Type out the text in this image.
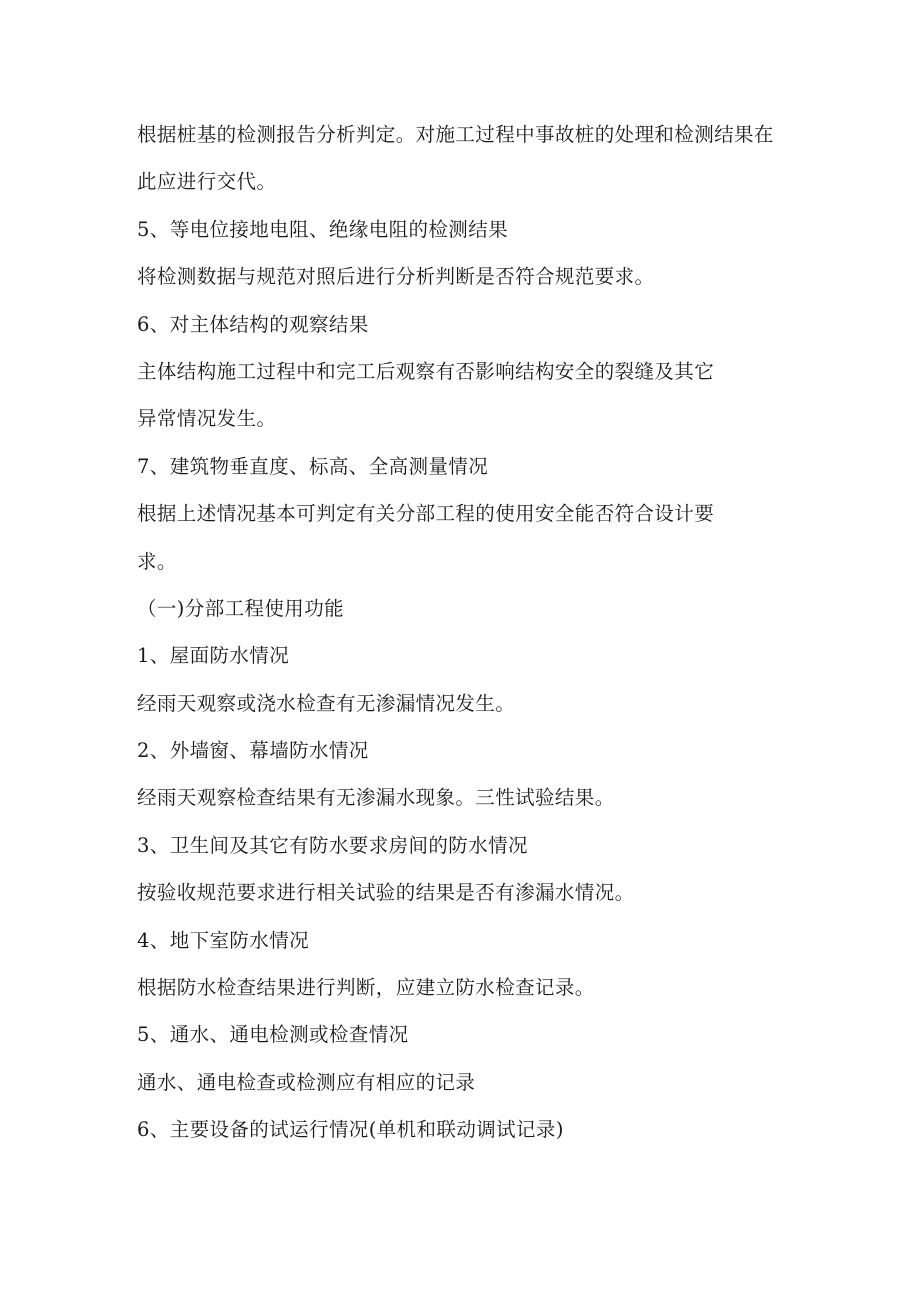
根据桩基的检测报告分析判定。对施工过程中事故桩的处理和检测结果在
此应进行交代。
5、等电位接地电阻、绝缘电阻的检测结果
将检测数据与规范对照后进行分析判断是否符合规范要求。
6、对主体结构的观察结果
主体结构施工过程中和完工后观察有否影响结构安全的裂缝及其它
异常情况发生。
7、建筑物垂直度、标高、全高测量情况
根据上述情况基本可判定有关分部工程的使用安全能否符合设计要
求。
（一)分部工程使用功能
1、屋面防水情况
经雨天观察或浇水检查有无渗漏情况发生。
2、外墙窗、幕墙防水情况
经雨天观察检查结果有无渗漏水现象。三性试验结果。
3、卫生间及其它有防水要求房间的防水情况
按验收规范要求进行相关试验的结果是否有渗漏水情况。
4、地下室防水情况
根据防水检查结果进行判断，应建立防水检查记录。
5、通水、通电检测或检查情况
通水、通电检查或检测应有相应的记录
6、主要设备的试运行情况(单机和联动调试记录)
